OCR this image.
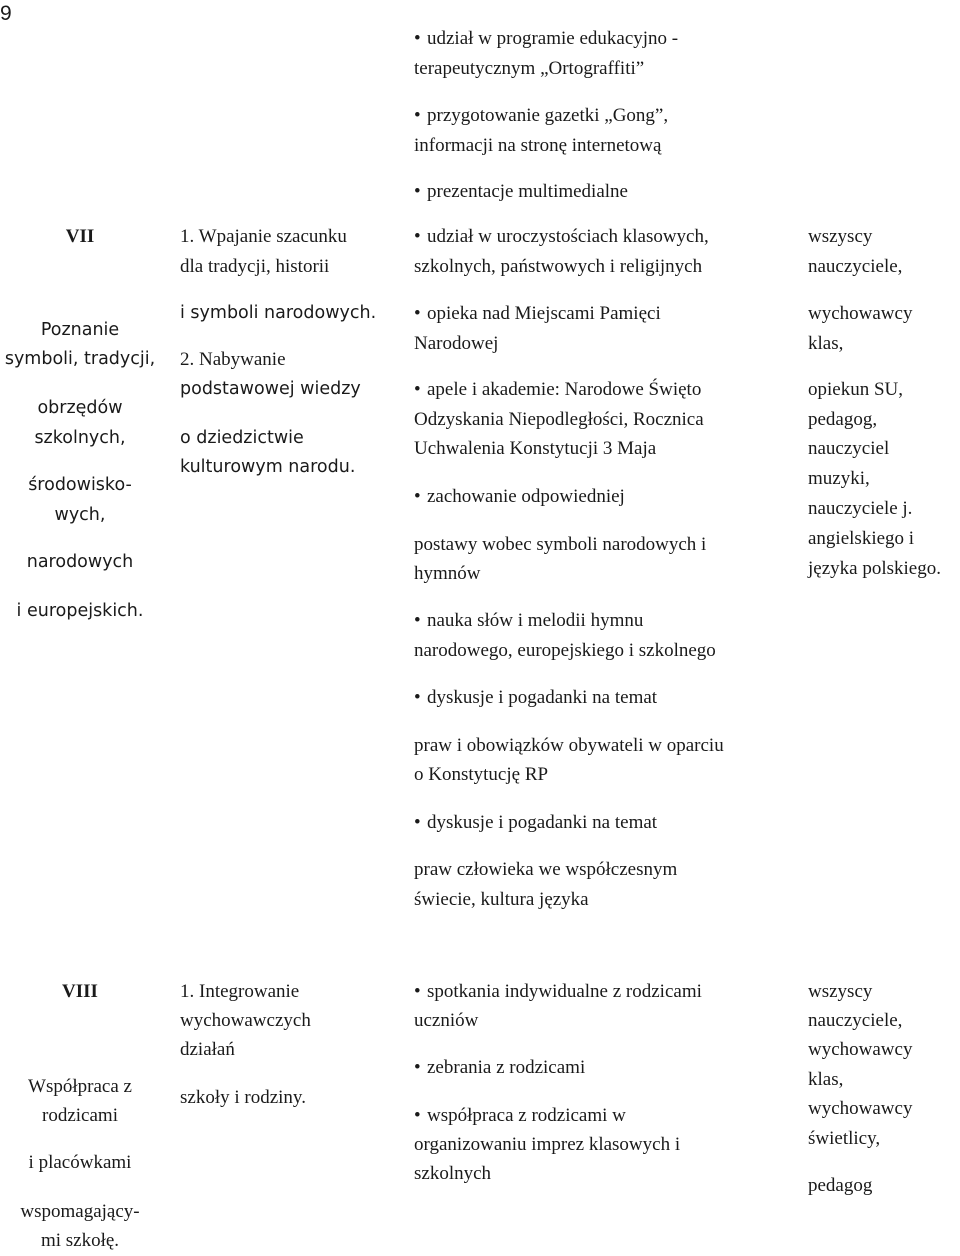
9
• udział w programie edukacyjno -
terapeutycznym „Ortograffiti”
• przygotowanie gazetki „Gong”,
informacji na stronę internetową
• prezentacje multimedialne
VII
Poznanie
symboli, tradycji,
obrzędów
szkolnych,
środowisko-
wych,
narodowych
i europejskich.
1. Wpajanie szacunku
dla tradycji, historii
i symboli narodowych.
2. Nabywanie
podstawowej wiedzy
o dziedzictwie
kulturowym narodu.
• udział w uroczystościach klasowych,
szkolnych, państwowych i religijnych
• opieka nad Miejscami Pamięci
Narodowej
• apele i akademie: Narodowe Święto
Odzyskania Niepodległości, Rocznica
Uchwalenia Konstytucji 3 Maja
• zachowanie odpowiedniej
postawy wobec symboli narodowych i
hymnów
• nauka słów i melodii hymnu
narodowego, europejskiego i szkolnego
• dyskusje i pogadanki na temat
praw i obowiązków obywateli w oparciu
o Konstytucję RP
• dyskusje i pogadanki na temat
praw człowieka we współczesnym
świecie, kultura języka
wszyscy
nauczyciele,
wychowawcy
klas,
opiekun SU,
pedagog,
nauczyciel
muzyki,
nauczyciele j.
angielskiego i
języka polskiego.
VIII
Współpraca z
rodzicami
i placówkami
wspomagający-
mi szkołę.
1. Integrowanie
wychowawczych
działań
szkoły i rodziny.
• spotkania indywidualne z rodzicami
uczniów
• zebrania z rodzicami
• współpraca z rodzicami w
organizowaniu imprez klasowych i
szkolnych
wszyscy
nauczyciele,
wychowawcy
klas,
wychowawcy
świetlicy,
pedagog
